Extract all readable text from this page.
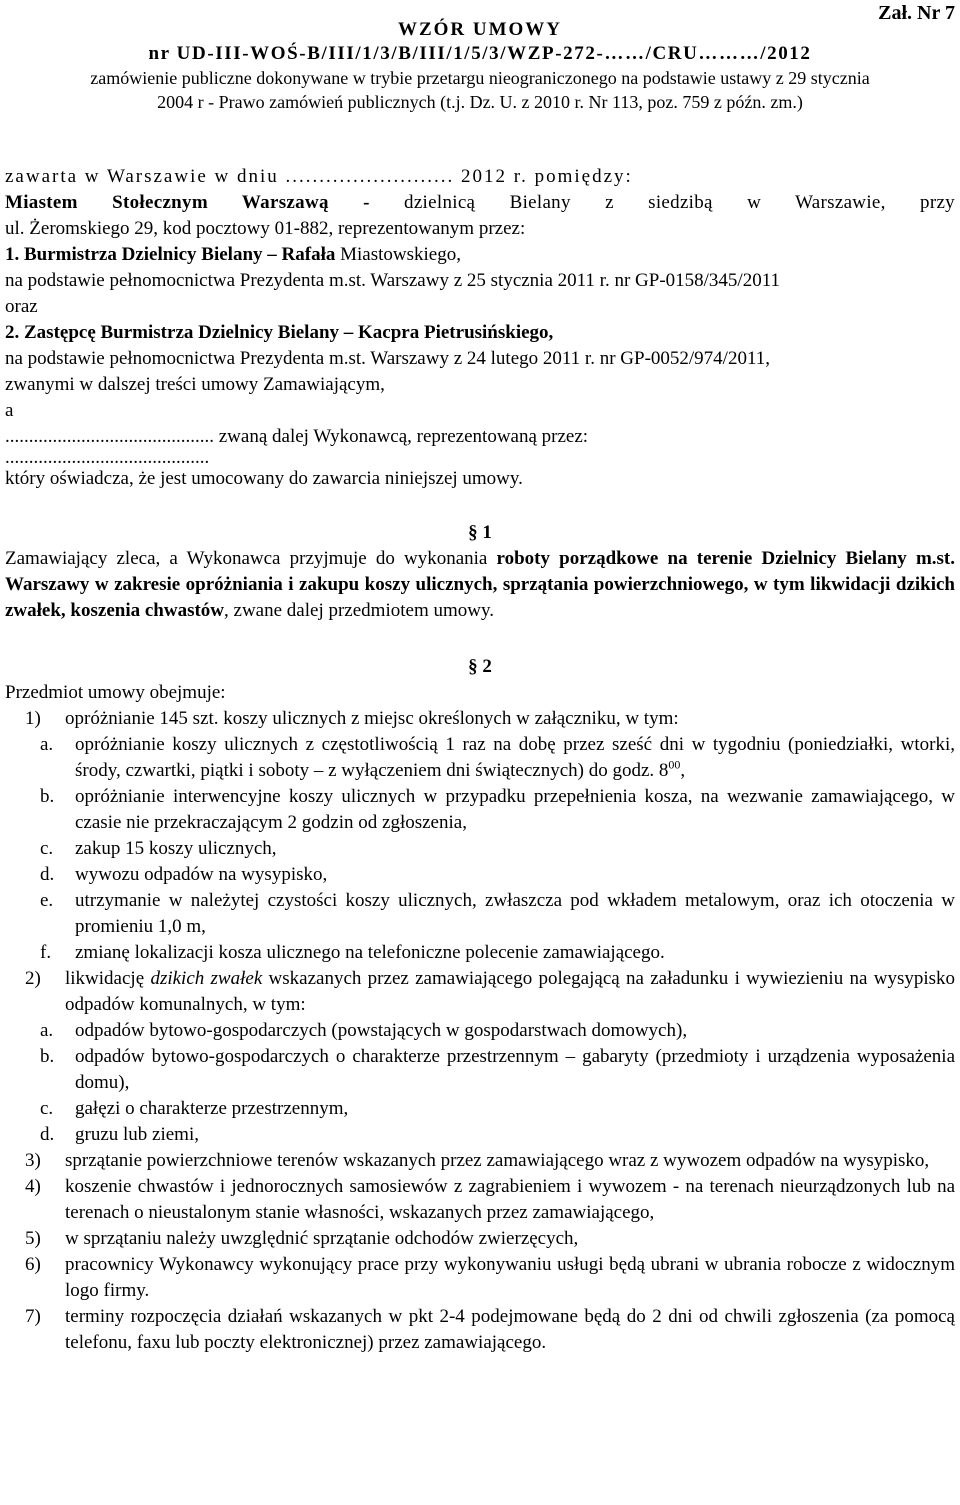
Zał. Nr 7
WZÓR UMOWY
nr UD-III-WOŚ-B/III/1/3/B/III/1/5/3/WZP-272-……/CRU………/2012
zamówienie publiczne dokonywane w trybie przetargu nieograniczonego na podstawie ustawy z 29 stycznia
2004 r - Prawo zamówień publicznych (t.j. Dz. U. z 2010 r. Nr 113, poz. 759 z późn. zm.)

zawarta w Warszawie w dniu ......................... 2012 r. pomiędzy:

Miastem Stołecznym Warszawą - dzielnicą Bielany z siedzibą w Warszawie, przy

ul. Żeromskiego 29, kod pocztowy 01-882, reprezentowanym przez:

1. Burmistrza Dzielnicy Bielany – Rafała Miastowskiego,

na podstawie pełnomocnictwa Prezydenta m.st. Warszawy z 25 stycznia 2011 r. nr GP-0158/345/2011

oraz

2. Zastępcę Burmistrza Dzielnicy Bielany – Kacpra Pietrusińskiego,

na podstawie pełnomocnictwa Prezydenta m.st. Warszawy z 24 lutego 2011 r. nr GP-0052/974/2011,

zwanymi w dalszej treści umowy Zamawiającym,

a

............................................ zwaną dalej Wykonawcą, reprezentowaną przez:

...........................................

który oświadcza, że jest umocowany do zawarcia niniejszej umowy.

§ 1

Zamawiający zleca, a Wykonawca przyjmuje do wykonania roboty porządkowe na terenie Dzielnicy Bielany m.st. Warszawy w zakresie opróżniania i zakupu koszy ulicznych, sprzątania powierzchniowego, w tym likwidacji dzikich zwałek, koszenia chwastów, zwane dalej przedmiotem umowy.

§ 2

Przedmiot umowy obejmuje:

1) opróżnianie 145 szt. koszy ulicznych z miejsc określonych w załączniku, w tym:
a. opróżnianie koszy ulicznych z częstotliwością 1 raz na dobę przez sześć dni w tygodniu (poniedziałki, wtorki, środy, czwartki, piątki i soboty – z wyłączeniem dni świątecznych) do godz. $8^{00}$,
b. opróżnianie interwencyjne koszy ulicznych w przypadku przepełnienia kosza, na wezwanie zamawiającego, w czasie nie przekraczającym 2 godzin od zgłoszenia,
c. zakup 15 koszy ulicznych,
d. wywozu odpadów na wysypisko,
e. utrzymanie w należytej czystości koszy ulicznych, zwłaszcza pod wkładem metalowym, oraz ich otoczenia w promieniu 1,0 m,
f. zmianę lokalizacji kosza ulicznego na telefoniczne polecenie zamawiającego.
2) likwidację dzikich zwałek wskazanych przez zamawiającego polegającą na załadunku i wywiezieniu na wysypisko odpadów komunalnych, w tym:
a. odpadów bytowo-gospodarczych (powstających w gospodarstwach domowych),
b. odpadów bytowo-gospodarczych o charakterze przestrzennym – gabaryty (przedmioty i urządzenia wyposażenia domu),
c. gałęzi o charakterze przestrzennym,
d. gruzu lub ziemi,
3) sprzątanie powierzchniowe terenów wskazanych przez zamawiającego wraz z wywozem odpadów na wysypisko,
4) koszenie chwastów i jednorocznych samosiewów z zagrabieniem i wywozem - na terenach nieurządzonych lub na terenach o nieustalonym stanie własności, wskazanych przez zamawiającego,
5) w sprzątaniu należy uwzględnić sprzątanie odchodów zwierzęcych,
6) pracownicy Wykonawcy wykonujący prace przy wykonywaniu usługi będą ubrani w ubrania robocze z widocznym logo firmy.
7) terminy rozpoczęcia działań wskazanych w pkt 2-4 podejmowane będą do 2 dni od chwili zgłoszenia (za pomocą telefonu, faxu lub poczty elektronicznej) przez zamawiającego.
